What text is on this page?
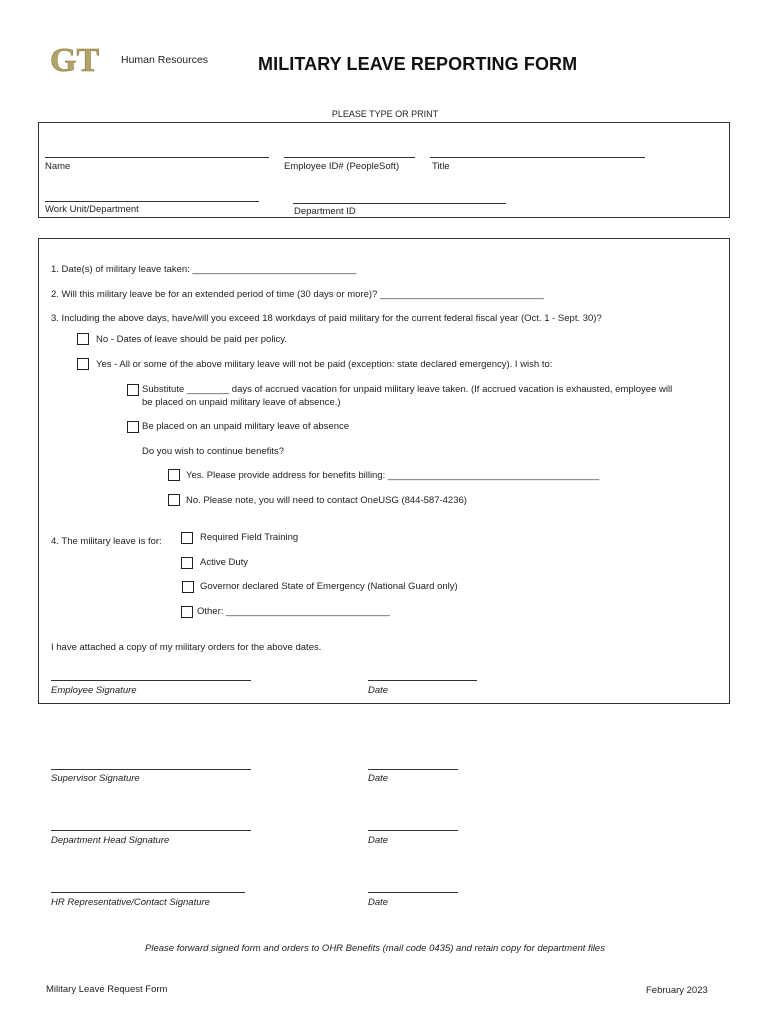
GT Human Resources	MILITARY LEAVE REPORTING FORM
PLEASE TYPE OR PRINT
Name	Employee ID# (PeopleSoft)	Title
Work Unit/Department	Department ID
1. Date(s) of military leave taken: _______________________________
2. Will this military leave be for an extended period of time (30 days or more)? _______________________________
3. Including the above days, have/will you exceed 18 workdays of paid military for the current federal fiscal year (Oct. 1 - Sept. 30)?
No - Dates of leave should be paid per policy.
Yes - All or some of the above military leave will not be paid (exception: state declared emergency). I wish to:
Substitute ________ days of accrued vacation for unpaid military leave taken. (If accrued vacation is exhausted, employee will
be placed on unpaid military leave of absence.)
Be placed on an unpaid military leave of absence
Do you wish to continue benefits?
Yes. Please provide address for benefits billing: ________________________________________
No. Please note, you will need to contact OneUSG (844-587-4236)
4. The military leave is for:	Required Field Training
Active Duty
Governor declared State of Emergency (National Guard only)
Other: _______________________________
I have attached a copy of my military orders for the above dates.
Employee Signature	Date
Supervisor Signature	Date
Department Head Signature	Date
HR Representative/Contact Signature	Date
Please forward signed form and orders to OHR Benefits (mail code 0435) and retain copy for department files
Military Leave Request Form	February 2023
